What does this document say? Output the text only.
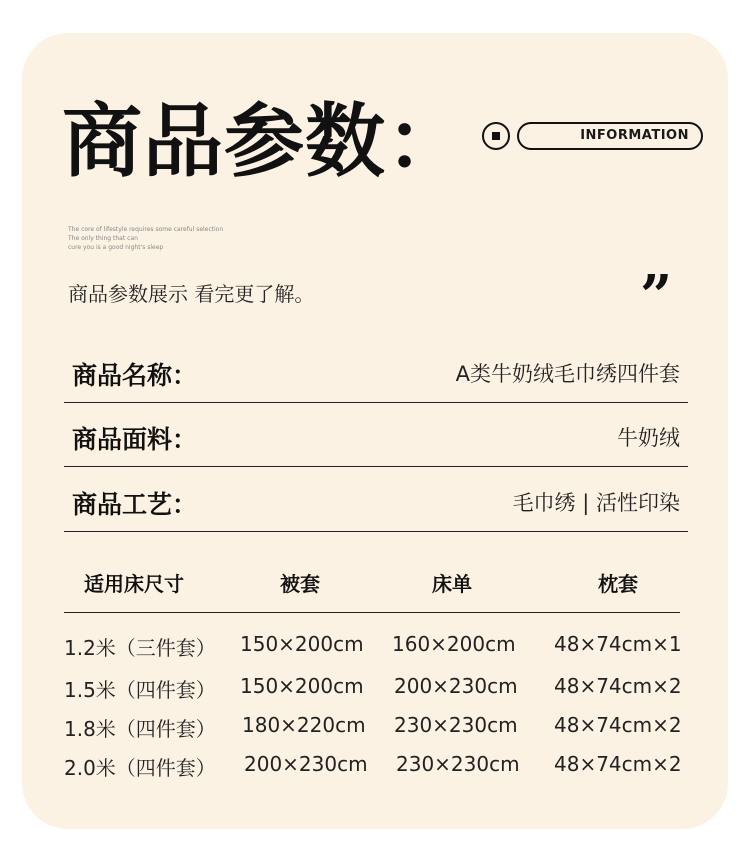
商品参数：	INFORMATION
The core of lifestyle requires some careful selection
The only thing that can
cure you is a good night's sleep
商品参数展示 看完更了解。	”
商品名称：	A类牛奶绒毛巾绣四件套
商品面料：	牛奶绒
商品工艺：	毛巾绣 | 活性印染
适用床尺寸	被套	床单	枕套
1.2米（三件套） 150×200cm 160×200cm 48×74cm×1
1.5米（四件套） 150×200cm 200×230cm 48×74cm×2
1.8米（四件套） 180×220cm 230×230cm 48×74cm×2
2.0米（四件套） 200×230cm 230×230cm 48×74cm×2
